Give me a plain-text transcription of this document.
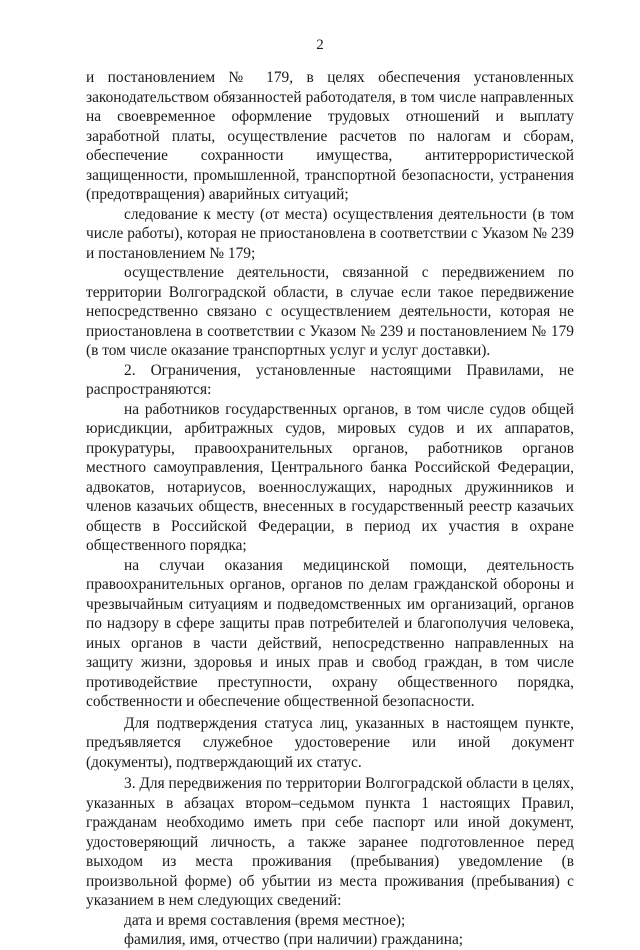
2

и постановлением № 179, в целях обеспечения установленных законодательством обязанностей работодателя, в том числе направленных на своевременное оформление трудовых отношений и выплату заработной платы, осуществление расчетов по налогам и сборам, обеспечение сохранности имущества, антитеррористической защищенности, промышленной, транспортной безопасности, устранения (предотвращения) аварийных ситуаций;

следование к месту (от места) осуществления деятельности (в том числе работы), которая не приостановлена в соответствии с Указом № 239 и постановлением № 179;

осуществление деятельности, связанной с передвижением по территории Волгоградской области, в случае если такое передвижение непосредственно связано с осуществлением деятельности, которая не приостановлена в соответствии с Указом № 239 и постановлением № 179 (в том числе оказание транспортных услуг и услуг доставки).

2. Ограничения, установленные настоящими Правилами, не распространяются:

на работников государственных органов, в том числе судов общей юрисдикции, арбитражных судов, мировых судов и их аппаратов, прокуратуры, правоохранительных органов, работников органов местного самоуправления, Центрального банка Российской Федерации, адвокатов, нотариусов, военнослужащих, народных дружинников и членов казачьих обществ, внесенных в государственный реестр казачьих обществ в Российской Федерации, в период их участия в охране общественного порядка;

на случаи оказания медицинской помощи, деятельность правоохранительных органов, органов по делам гражданской обороны и чрезвычайным ситуациям и подведомственных им организаций, органов по надзору в сфере защиты прав потребителей и благополучия человека, иных органов в части действий, непосредственно направленных на защиту жизни, здоровья и иных прав и свобод граждан, в том числе противодействие преступности, охрану общественного порядка, собственности и обеспечение общественной безопасности.

Для подтверждения статуса лиц, указанных в настоящем пункте, предъявляется служебное удостоверение или иной документ (документы), подтверждающий их статус.

3. Для передвижения по территории Волгоградской области в целях, указанных в абзацах втором–седьмом пункта 1 настоящих Правил, гражданам необходимо иметь при себе паспорт или иной документ, удостоверяющий личность, а также заранее подготовленное перед выходом из места проживания (пребывания) уведомление (в произвольной форме) об убытии из места проживания (пребывания) с указанием в нем следующих сведений:

дата и время составления (время местное);

фамилия, имя, отчество (при наличии) гражданина;
